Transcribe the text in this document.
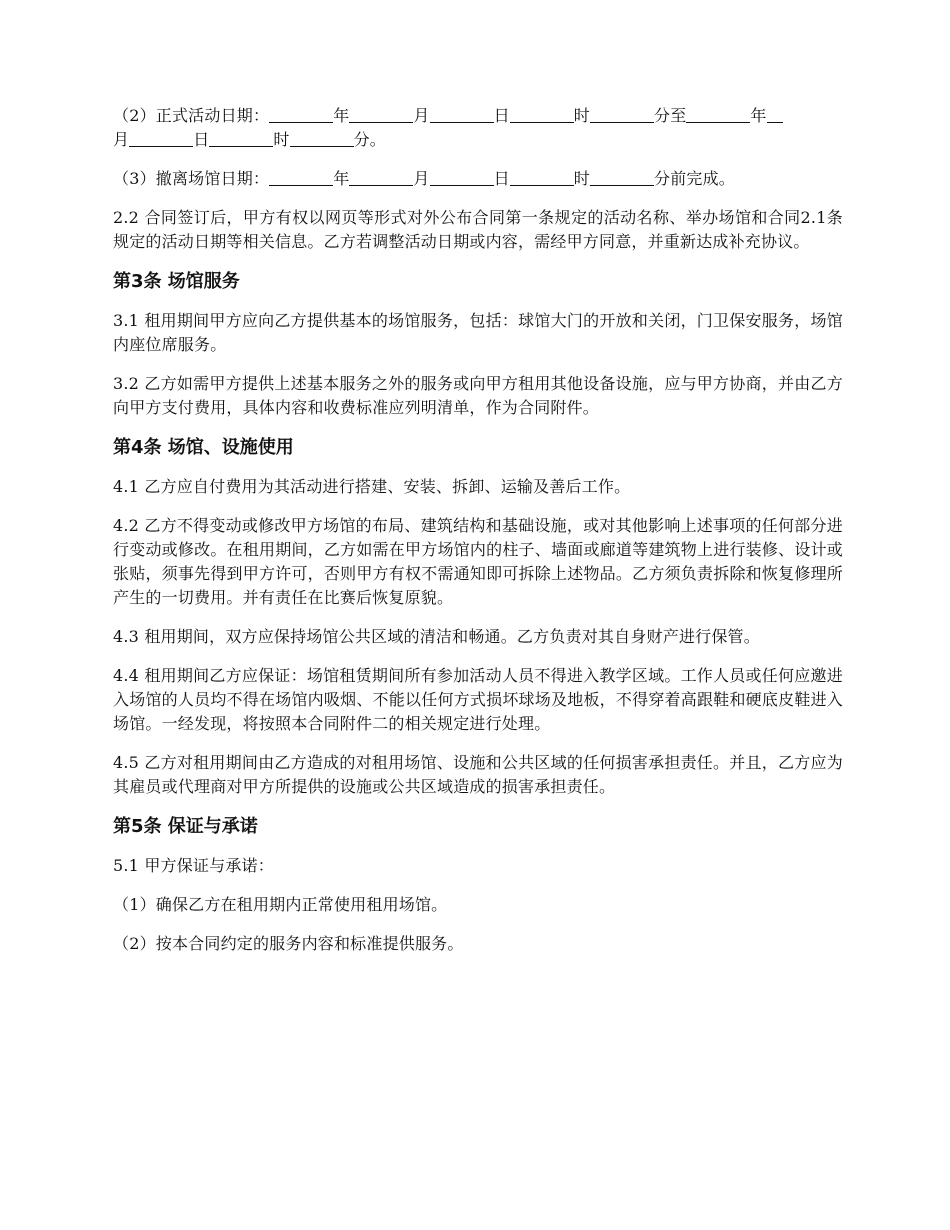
（2）正式活动日期：	年	月	日	时	分至	年
月	日	时	分。

（3）撤离场馆日期：	年	月	日	时	分前完成。

2.2 合同签订后，甲方有权以网页等形式对外公布合同第一条规定的活动名称、举办场馆和合同2.1条规定的活动日期等相关信息。乙方若调整活动日期或内容，需经甲方同意，并重新达成补充协议。

第3条 场馆服务

3.1 租用期间甲方应向乙方提供基本的场馆服务，包括：球馆大门的开放和关闭，门卫保安服务，场馆内座位席服务。

3.2 乙方如需甲方提供上述基本服务之外的服务或向甲方租用其他设备设施，应与甲方协商，并由乙方向甲方支付费用，具体内容和收费标准应列明清单，作为合同附件。

第4条 场馆、设施使用

4.1 乙方应自付费用为其活动进行搭建、安装、拆卸、运输及善后工作。

4.2 乙方不得变动或修改甲方场馆的布局、建筑结构和基础设施，或对其他影响上述事项的任何部分进行变动或修改。在租用期间，乙方如需在甲方场馆内的柱子、墙面或廊道等建筑物上进行装修、设计或张贴，须事先得到甲方许可，否则甲方有权不需通知即可拆除上述物品。乙方须负责拆除和恢复修理所产生的一切费用。并有责任在比赛后恢复原貌。

4.3 租用期间，双方应保持场馆公共区域的清洁和畅通。乙方负责对其自身财产进行保管。

4.4 租用期间乙方应保证：场馆租赁期间所有参加活动人员不得进入教学区域。工作人员或任何应邀进入场馆的人员均不得在场馆内吸烟、不能以任何方式损坏球场及地板，不得穿着高跟鞋和硬底皮鞋进入场馆。一经发现，将按照本合同附件二的相关规定进行处理。

4.5 乙方对租用期间由乙方造成的对租用场馆、设施和公共区域的任何损害承担责任。并且，乙方应为其雇员或代理商对甲方所提供的设施或公共区域造成的损害承担责任。

第5条 保证与承诺

5.1 甲方保证与承诺：

（1）确保乙方在租用期内正常使用租用场馆。

（2）按本合同约定的服务内容和标准提供服务。
